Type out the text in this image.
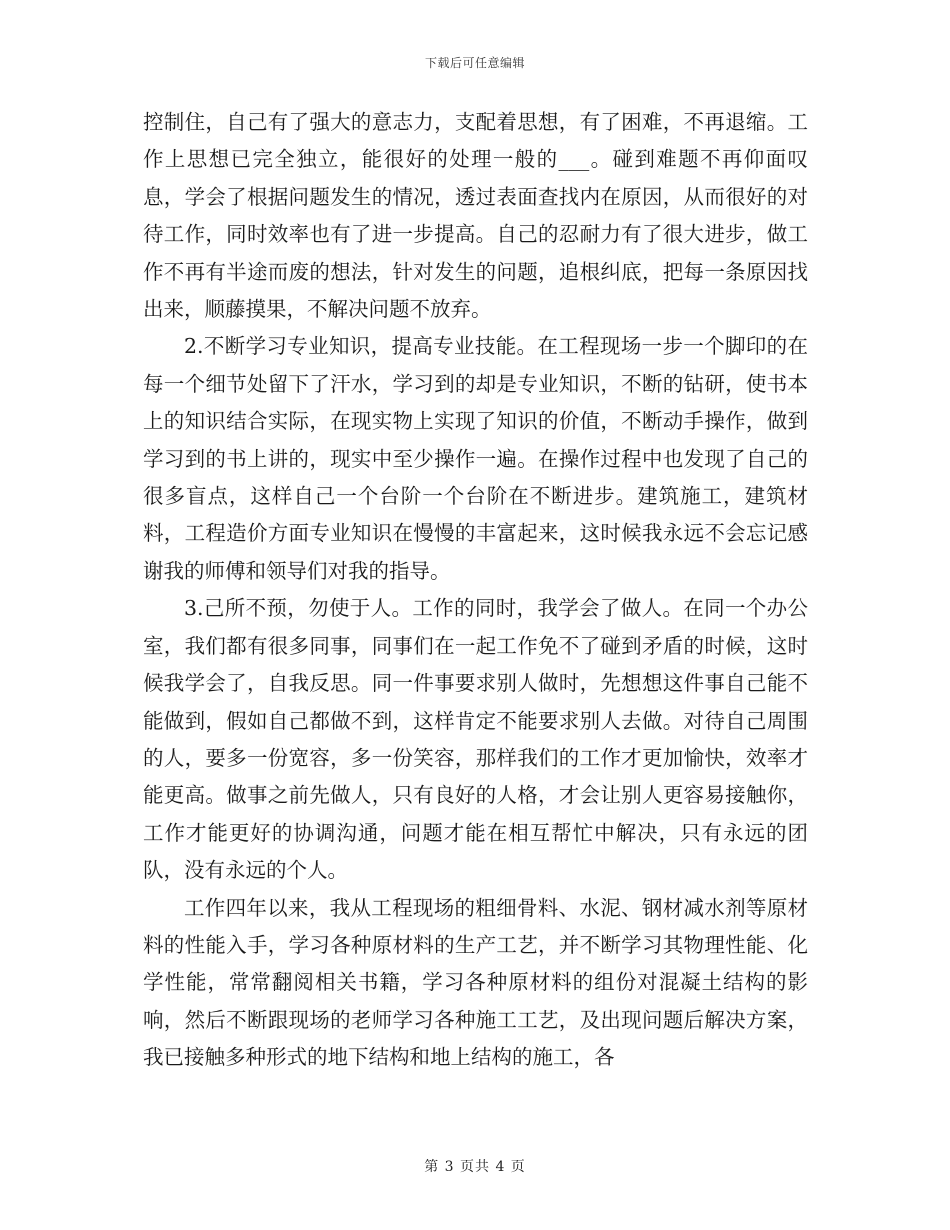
下载后可任意编辑

控制住，自己有了强大的意志力，支配着思想，有了困难，不再退缩。工作上思想已完全独立，能很好的处理一般的___。碰到难题不再仰面叹息，学会了根据问题发生的情况，透过表面查找内在原因，从而很好的对待工作，同时效率也有了进一步提高。自己的忍耐力有了很大进步，做工作不再有半途而废的想法，针对发生的问题，追根纠底，把每一条原因找出来，顺藤摸果，不解决问题不放弃。

2.不断学习专业知识，提高专业技能。在工程现场一步一个脚印的在每一个细节处留下了汗水，学习到的却是专业知识，不断的钻研，使书本上的知识结合实际，在现实物上实现了知识的价值，不断动手操作，做到学习到的书上讲的，现实中至少操作一遍。在操作过程中也发现了自己的很多盲点，这样自己一个台阶一个台阶在不断进步。建筑施工，建筑材料，工程造价方面专业知识在慢慢的丰富起来，这时候我永远不会忘记感谢我的师傅和领导们对我的指导。

3.己所不预，勿使于人。工作的同时，我学会了做人。在同一个办公室，我们都有很多同事，同事们在一起工作免不了碰到矛盾的时候，这时候我学会了，自我反思。同一件事要求别人做时，先想想这件事自己能不能做到，假如自己都做不到，这样肯定不能要求别人去做。对待自己周围的人，要多一份宽容，多一份笑容，那样我们的工作才更加愉快，效率才能更高。做事之前先做人，只有良好的人格，才会让别人更容易接触你，工作才能更好的协调沟通，问题才能在相互帮忙中解决，只有永远的团队，没有永远的个人。

工作四年以来，我从工程现场的粗细骨料、水泥、钢材减水剂等原材料的性能入手，学习各种原材料的生产工艺，并不断学习其物理性能、化学性能，常常翻阅相关书籍，学习各种原材料的组份对混凝土结构的影响，然后不断跟现场的老师学习各种施工工艺，及出现问题后解决方案，我已接触多种形式的地下结构和地上结构的施工，各

第 3 页共 4 页
